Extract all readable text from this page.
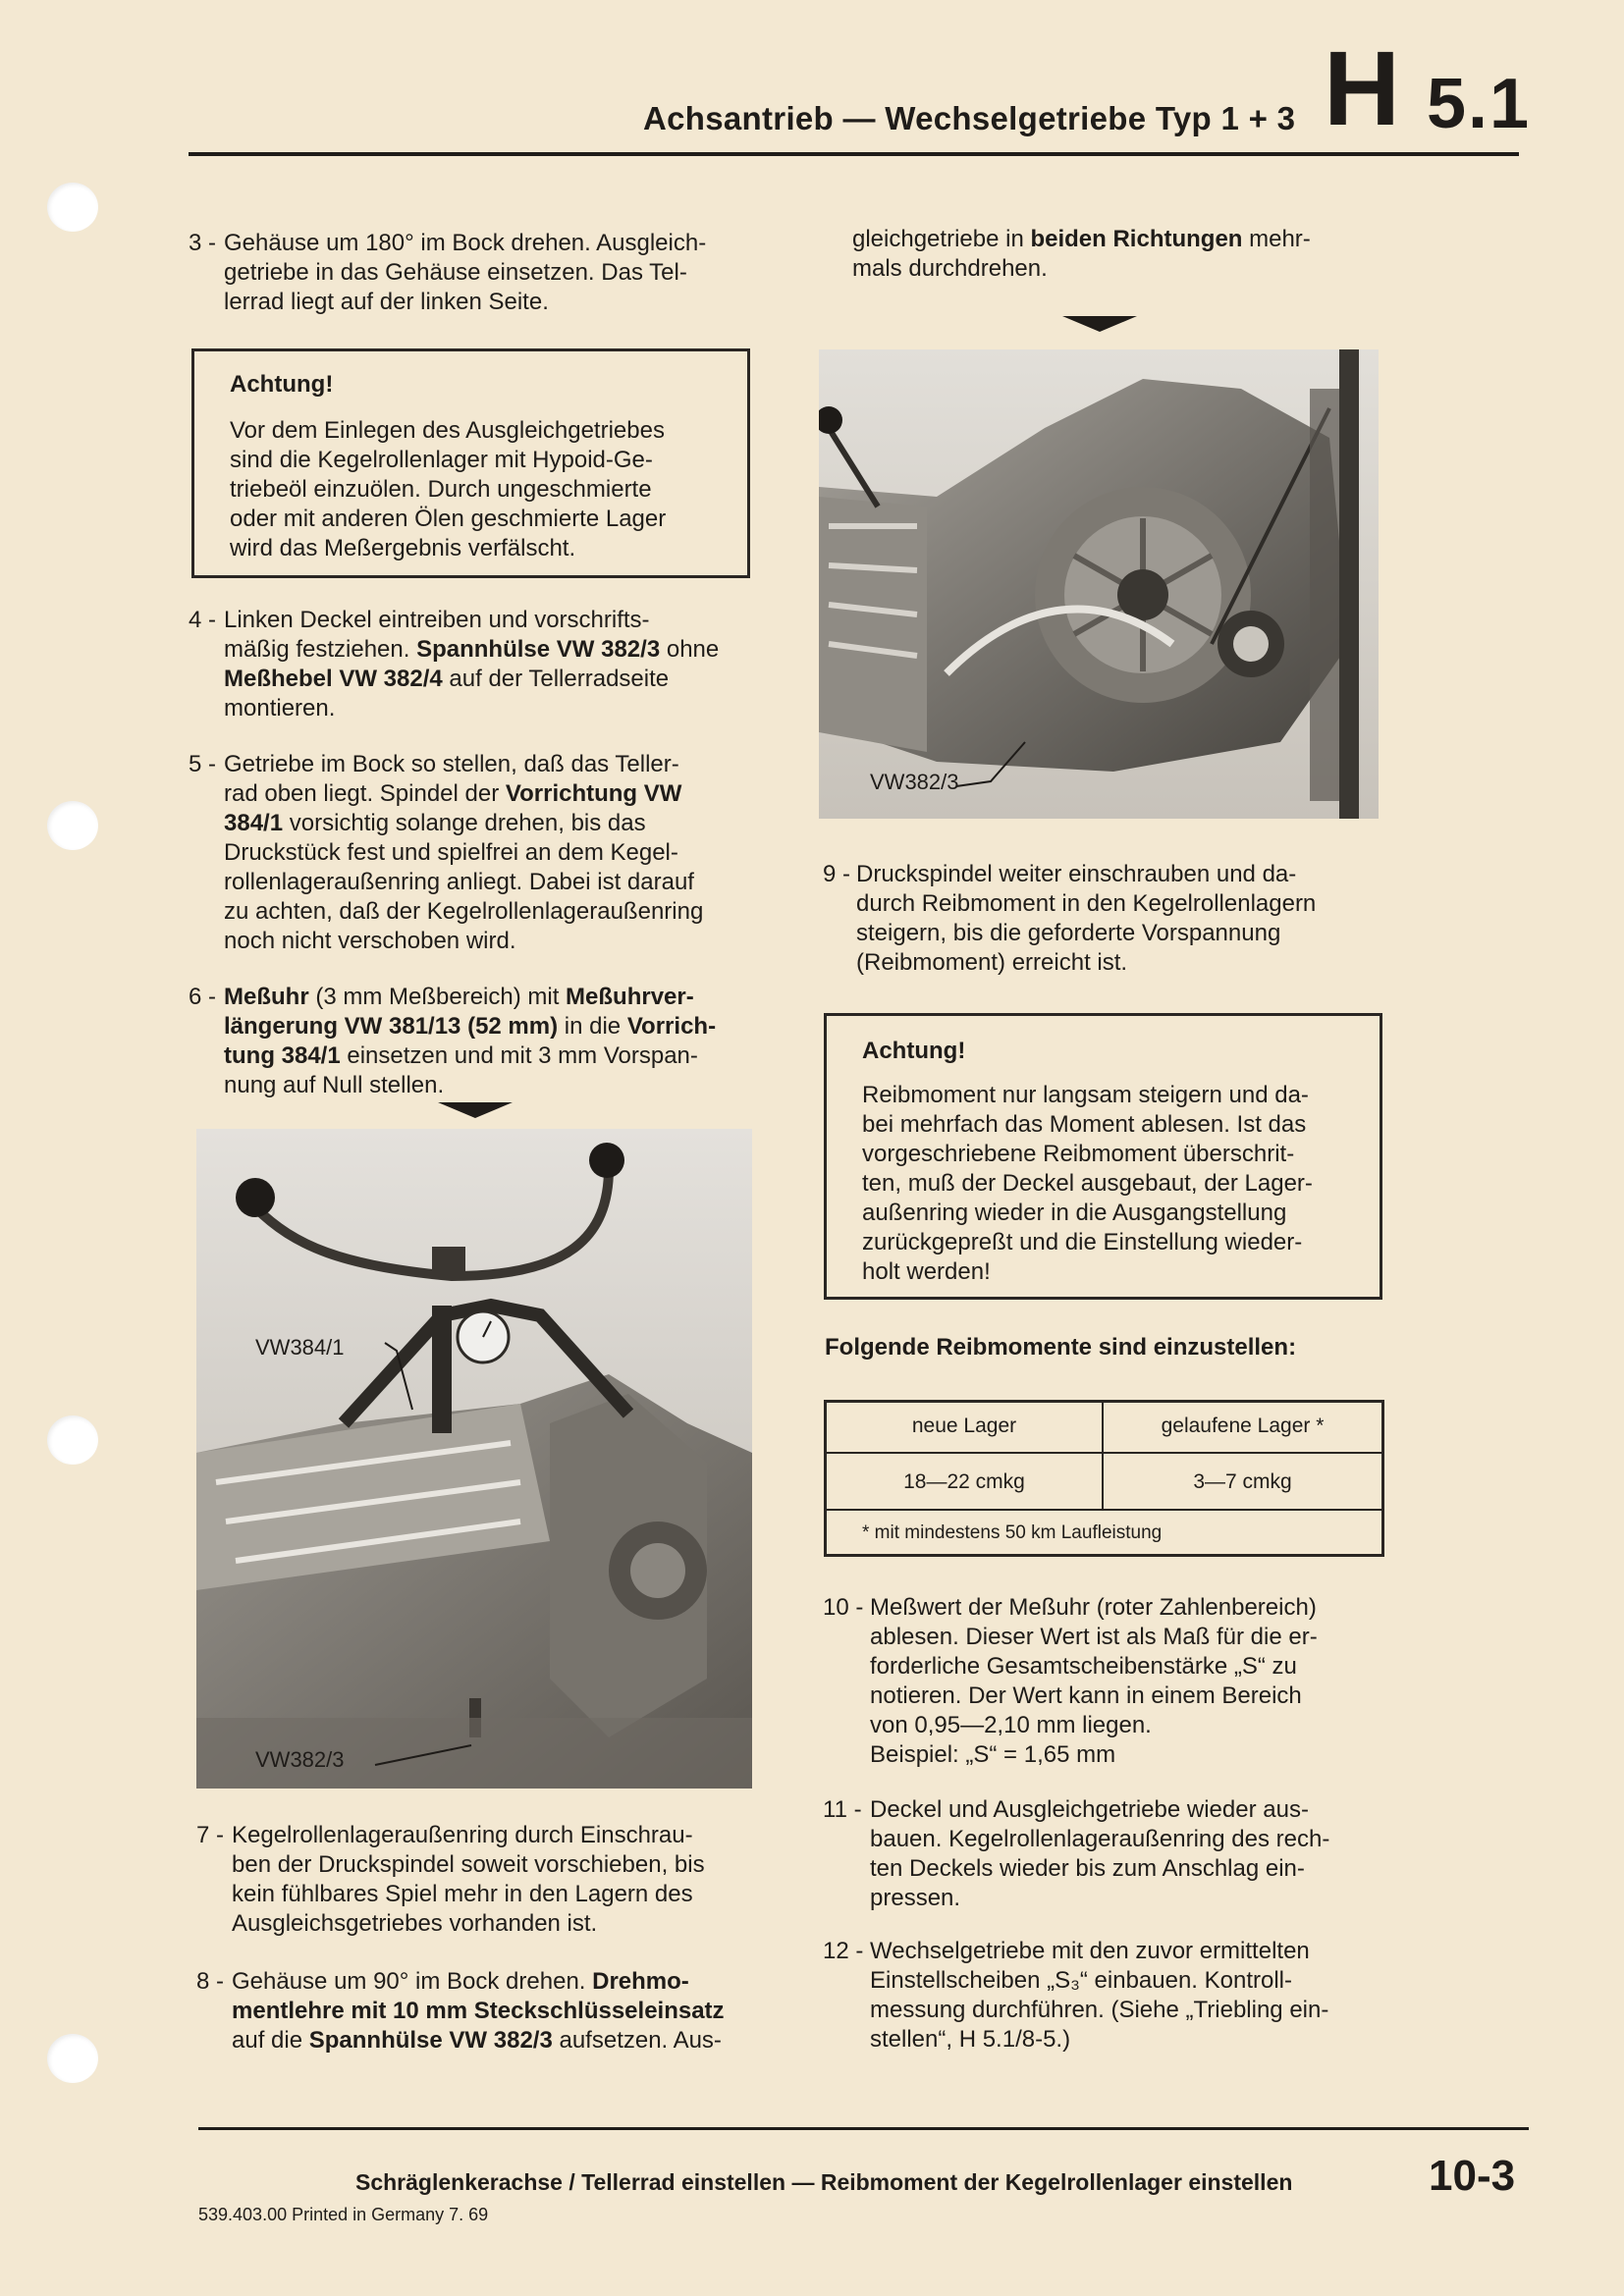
Achsantrieb — Wechselgetriebe Typ 1 + 3 H 5.1
3 - Gehäuse um 180° im Bock drehen. Ausgleich-
getriebe in das Gehäuse einsetzen. Das Tel-
lerrad liegt auf der linken Seite.
Achtung!
Vor dem Einlegen des Ausgleichgetriebes
sind die Kegelrollenlager mit Hypoid-Ge-
triebeöl einzuölen. Durch ungeschmierte
oder mit anderen Ölen geschmierte Lager
wird das Meßergebnis verfälscht.
4 - Linken Deckel eintreiben und vorschrifts-
mäßig festziehen. Spannhülse VW 382/3 ohne
Meßhebel VW 382/4 auf der Tellerradseite
montieren.
5 - Getriebe im Bock so stellen, daß das Teller-
rad oben liegt. Spindel der Vorrichtung VW
384/1 vorsichtig solange drehen, bis das
Druckstück fest und spielfrei an dem Kegel-
rollenlageraußenring anliegt. Dabei ist darauf
zu achten, daß der Kegelrollenlageraußenring
noch nicht verschoben wird.
6 - Meßuhr (3 mm Meßbereich) mit Meßuhrver-
längerung VW 381/13 (52 mm) in die Vorrich-
tung 384/1 einsetzen und mit 3 mm Vorspan-
nung auf Null stellen.
VW384/1
VW382/3
7 - Kegelrollenlageraußenring durch Einschrau-
ben der Druckspindel soweit vorschieben, bis
kein fühlbares Spiel mehr in den Lagern des
Ausgleichsgetriebes vorhanden ist.
8 - Gehäuse um 90° im Bock drehen. Drehmo-
mentlehre mit 10 mm Steckschlüsseleinsatz
auf die Spannhülse VW 382/3 aufsetzen. Aus-
gleichgetriebe in beiden Richtungen mehr-
mals durchdrehen.
VW382/3
9 - Druckspindel weiter einschrauben und da-
durch Reibmoment in den Kegelrollenlagern
steigern, bis die geforderte Vorspannung
(Reibmoment) erreicht ist.
Achtung!
Reibmoment nur langsam steigern und da-
bei mehrfach das Moment ablesen. Ist das
vorgeschriebene Reibmoment überschrit-
ten, muß der Deckel ausgebaut, der Lager-
außenring wieder in die Ausgangstellung
zurückgepreßt und die Einstellung wieder-
holt werden!
Folgende Reibmomente sind einzustellen:
neue Lager	gelaufene Lager *
18—22 cmkg	3—7 cmkg
* mit mindestens 50 km Laufleistung
10 - Meßwert der Meßuhr (roter Zahlenbereich)
ablesen. Dieser Wert ist als Maß für die er-
forderliche Gesamtscheibenstärke „S“ zu
notieren. Der Wert kann in einem Bereich
von 0,95—2,10 mm liegen.
Beispiel: „S“ = 1,65 mm
11 - Deckel und Ausgleichgetriebe wieder aus-
bauen. Kegelrollenlageraußenring des rech-
ten Deckels wieder bis zum Anschlag ein-
pressen.
12 - Wechselgetriebe mit den zuvor ermittelten
Einstellscheiben „S₃“ einbauen. Kontroll-
messung durchführen. (Siehe „Triebling ein-
stellen“, H 5.1/8-5.)
Schräglenkerachse / Tellerrad einstellen — Reibmoment der Kegelrollenlager einstellen	10-3
539.403.00 Printed in Germany 7. 69
